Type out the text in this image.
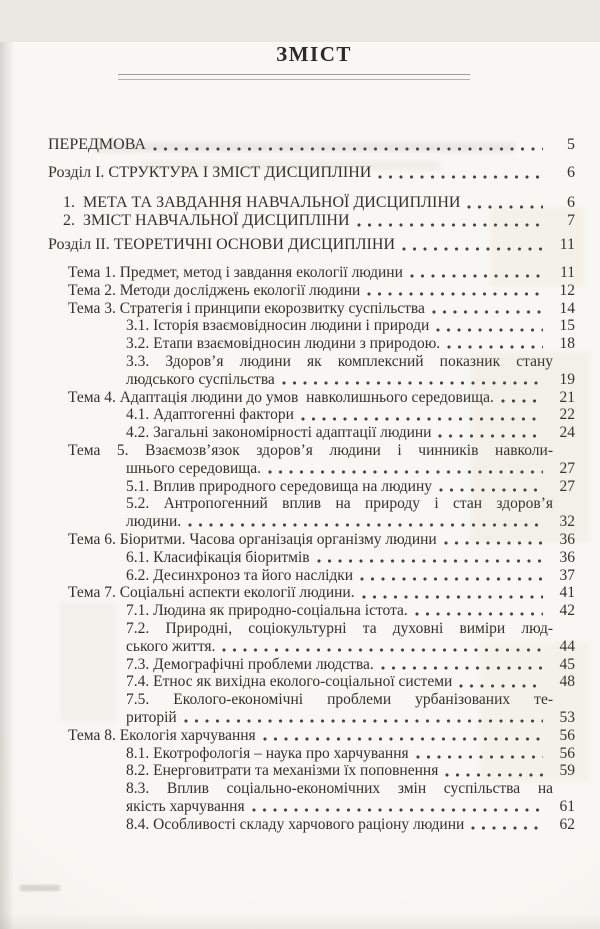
ЗМІСТ
ПЕРЕДМОВА	5
Розділ I. СТРУКТУРА І ЗМІСТ ДИСЦИПЛІНИ	6
1. МЕТА ТА ЗАВДАННЯ НАВЧАЛЬНОЇ ДИСЦИПЛІНИ	6
2. ЗМІСТ НАВЧАЛЬНОЇ ДИСЦИПЛІНИ	7
Розділ II. ТЕОРЕТИЧНІ ОСНОВИ ДИСЦИПЛІНИ	11
Тема 1. Предмет, метод і завдання екології людини	11
Тема 2. Методи досліджень екології людини	12
Тема 3. Стратегія і принципи екорозвитку суспільства	14
3.1. Історія взаємовідносин людини і природи	15
3.2. Етапи взаємовідносин людини з природою.	18
3.3. Здоров’я людини як комплексний показник стану
людського суспільства	19
Тема 4. Адаптація людини до умов навколишнього середовища.	21
4.1. Адаптогенні фактори	22
4.2. Загальні закономірності адаптації людини	24
Тема 5. Взаємозв’язок здоров’я людини і чинників навколи-
шнього середовища.	27
5.1. Вплив природного середовища на людину	27
5.2. Антропогенний вплив на природу і стан здоров’я
людини.	32
Тема 6. Біоритми. Часова організація організму людини	36
6.1. Класифікація біоритмів	36
6.2. Десинхроноз та його наслідки	37
Тема 7. Соціальні аспекти екології людини.	41
7.1. Людина як природно-соціальна істота.	42
7.2. Природні, соціокультурні та духовні виміри люд-
ського життя.	44
7.3. Демографічні проблеми людства.	45
7.4. Етнос як вихідна еколого-соціальної системи	48
7.5. Еколого-економічні проблеми урбанізованих те-
риторій	53
Тема 8. Екологія харчування	56
8.1. Екотрофологія – наука про харчування	56
8.2. Енерговитрати та механізми їх поповнення	59
8.3. Вплив соціально-економічних змін суспільства на
якість харчування	61
8.4. Особливості складу харчового раціону людини	62
